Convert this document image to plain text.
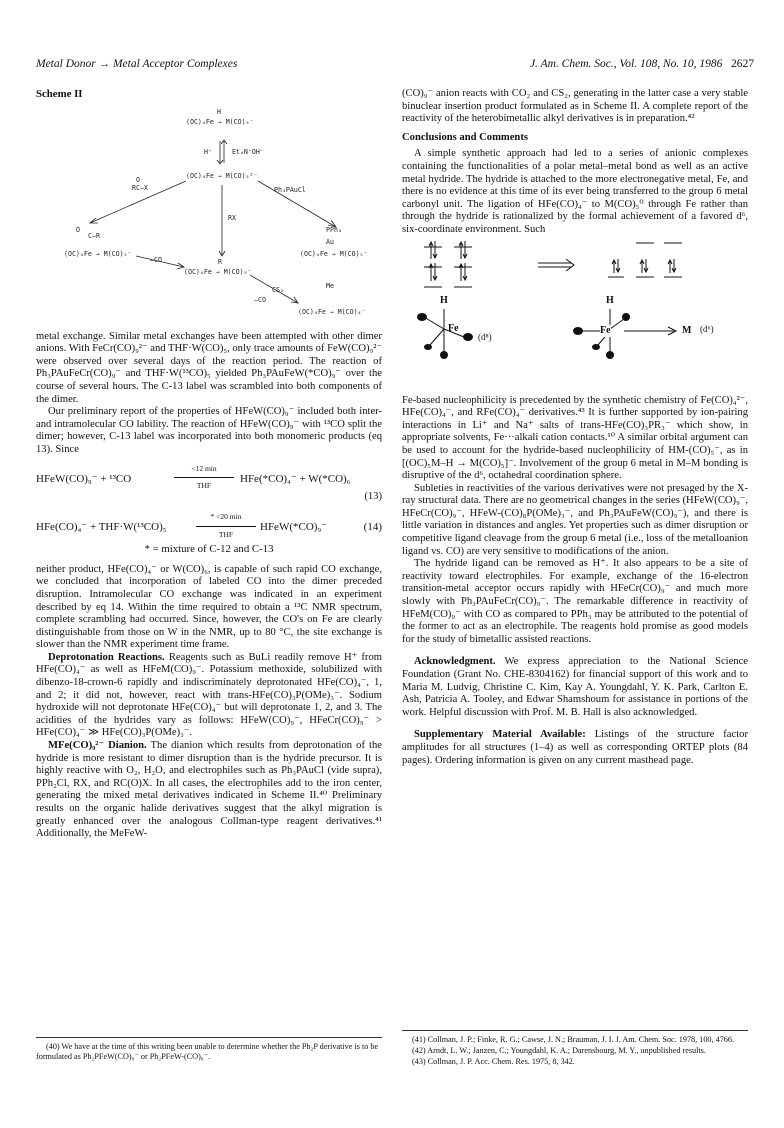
Metal Donor → Metal Acceptor Complexes	J. Am. Chem. Soc., Vol. 108, No. 10, 1986 2627

Scheme II

H
(OC)₄Fe → M(CO)₅⁻
H⁺	Et₄N⁺OH⁻
(OC)₄Fe → M(CO)₅²⁻
O
RC–X	Ph₃PAuCl
RX
O
C–R
(OC)₄Fe → M(CO)₅⁻
–CO
PPh₃
Au
(OC)₄Fe → M(CO)₅⁻
R
(OC)₄Fe → M(CO)₅⁻
CS₂
–CO
Me
(OC)₄Fe → M(CO)₄⁻

metal exchange. Similar metal exchanges have been attempted with other dimer anions. With FeCr(CO)₉²⁻ and THF·W(CO)₅, only trace amounts of FeW(CO)₉²⁻ were observed over several days of the reaction period. The reaction of Ph₃PAuFeCr(CO)₉⁻ and THF·W(¹³CO)₅ yielded Ph₃PAuFeW(*CO)₉⁻ over the course of several hours. The C-13 label was scrambled into both components of the dimer.

Our preliminary report of the properties of HFeW(CO)₉⁻ included both inter- and intramolecular CO lability. The reaction of HFeW(CO)₉⁻ with ¹³CO split the dimer; however, C-13 label was incorporated into both monomeric products (eq 13). Since

HFeW(CO)₉⁻ + ¹³CO
<12 min
THF
HFe(*CO)₄⁻ + W(*CO)₆
(13)
HFe(CO)₄⁻ + THF·W(¹³CO)₅
* <20 min
THF
HFeW(*CO)₉⁻	(14)
* = mixture of C-12 and C-13

neither product, HFe(CO)₄⁻ or W(CO)₆, is capable of such rapid CO exchange, we concluded that incorporation of labeled CO into the dimer preceded disruption. Intramolecular CO exchange was indicated in an experiment described by eq 14. Within the time required to obtain a ¹³C NMR spectrum, complete scrambling had occurred. Since, however, the CO's on Fe are clearly distinguishable from those on W in the NMR, up to 80 °C, the site exchange is slower than the NMR experiment time frame.

Deprotonation Reactions. Reagents such as BuLi readily remove H⁺ from HFe(CO)₄⁻ as well as HFeM(CO)₉⁻. Potassium methoxide, solubilized with dibenzo-18-crown-6 rapidly and indiscriminately deprotonated HFe(CO)₄⁻, 1, and 2; it did not, however, react with trans-HFe(CO)₃P(OMe)₃⁻. Sodium hydroxide will not deprotonate HFe(CO)₄⁻ but will deprotonate 1, 2, and 3. The acidities of the hydrides vary as follows: HFeW(CO)₉⁻, HFeCr(CO)₉⁻ > HFe(CO)₄⁻ ≫ HFe(CO)₃P(OMe)₃⁻.

MFe(CO)₉²⁻ Dianion. The dianion which results from deprotonation of the hydride is more resistant to dimer disruption than is the hydride precursor. It is highly reactive with O₂, H₂O, and electrophiles such as Ph₃PAuCl (vide supra), PPh₂Cl, RX, and RC(O)X. In all cases, the electrophiles add to the iron center, generating the mixed metal derivatives indicated in Scheme II.⁴⁰ Preliminary results on the organic halide derivatives suggest that the alkyl migration is greatly enhanced over the analogous Collman-type reagent derivatives.⁴¹ Additionally, the MeFeW-

(40) We have at the time of this writing been unable to determine whether the Ph₂P derivative is to be formulated as Ph₂PFeW(CO)₉⁻ or Ph₂PFeW-(CO)₈⁻.

(CO)₉⁻ anion reacts with CO₂ and CS₂, generating in the latter case a very stable binuclear insertion product formulated as in Scheme II. A complete report of the reactivity of the heterobimetallic alkyl derivatives is in preparation.⁴²

Conclusions and Comments

A simple synthetic approach had led to a series of anionic complexes containing the functionalities of a polar metal–metal bond as well as an active metal hydride. The hydride is attached to the more electronegative metal, Fe, and there is no evidence at this time of its ever being transferred to the group 6 metal carbonyl unit. The ligation of HFe(CO)₄⁻ to M(CO)₅⁰ through Fe rather than through the hydride is rationalized by the formal achievement of a favored d⁶, six-coordinate environment. Such

H
Fe
(d⁸)
H
Fe	M (d⁶)

Fe-based nucleophilicity is precedented by the synthetic chemistry of Fe(CO)₄²⁻, HFe(CO)₄⁻, and RFe(CO)₄⁻ derivatives.⁴³ It is further supported by ion-pairing interactions in Li⁺ and Na⁺ salts of trans-HFe(CO)₃PR₃⁻ which show, in appropriate solvents, Fe···alkali cation contacts.¹⁰ A similar orbital argument can be used to account for the hydride-based nucleophilicity of HM-(CO)₅⁻, as in [(OC)₅M–H → M(CO)₅]⁻. Involvement of the group 6 metal in M–M bonding is disruptive of the d⁶, octahedral coordination sphere.

Subleties in reactivities of the various derivatives were not presaged by the X-ray structural data. There are no geometrical changes in the series (HFeW(CO)₉⁻, HFeCr(CO)₉⁻, HFeW-(CO)₈P(OMe)₃⁻, and Ph₃PAuFeW(CO)₉⁻), and there is little variation in distances and angles. Yet properties such as dimer disruption or competitive ligand cleavage from the group 6 metal (i.e., loss of the metalloanion ligand vs. CO) are very sensitive to modifications of the anion.

The hydride ligand can be removed as H⁺. It also appears to be a site of reactivity toward electrophiles. For example, exchange of the 16-electron transition-metal acceptor occurs rapidly with HFeCr(CO)₉⁻ and much more slowly with Ph₃PAuFeCr(CO)₉⁻. The remarkable difference in reactivity of HFeM(CO)₉⁻ with CO as compared to PPh₃ may be attributed to the potential of the former to act as an electrophile. The reagents hold promise as good models for the study of bimetallic assisted reactions.

Acknowledgment. We express appreciation to the National Science Foundation (Grant No. CHE-8304162) for financial support of this work and to Maria M. Ludvig, Christine C. Kim, Kay A. Youngdahl, Y. K. Park, Carlton E. Ash, Patricia A. Tooley, and Edwar Shamshoum for assistance in portions of the work. Helpful discussion with Prof. M. B. Hall is also acknowledged.

Supplementary Material Available: Listings of the structure factor amplitudes for all structures (1–4) as well as corresponding ORTEP plots (84 pages). Ordering information is given on any current masthead page.

(41) Collman, J. P.; Finke, R. G.; Cawse, J. N.; Brauman, J. I. J. Am. Chem. Soc. 1978, 100, 4766.

(42) Arndt, L. W.; Janzen, C.; Youngdahl, K. A.; Darensbourg, M. Y., unpublished results.

(43) Collman, J. P. Acc. Chem. Res. 1975, 8, 342.
